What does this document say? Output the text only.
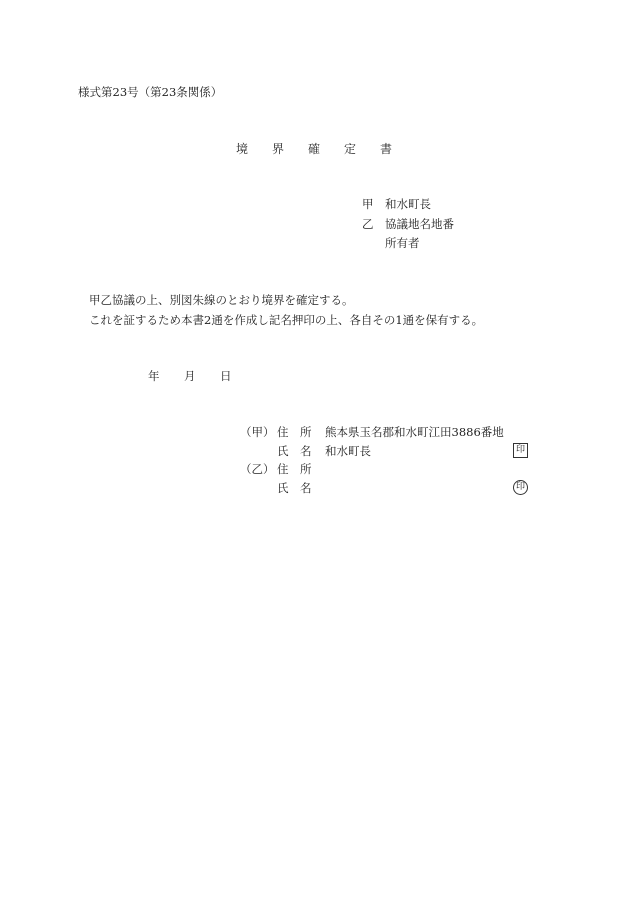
様式第23号（第23条関係）
境 界 確 定 書
甲 和水町長
乙 協議地名地番
所有者
甲乙協議の上、別図朱線のとおり境界を確定する。
これを証するため本書2通を作成し記名押印の上、各自その1通を保有する。
年 月 日
（甲） 住　所 熊本県玉名郡和水町江田3886番地
氏　名 和水町長	印
（乙） 住　所
氏　名	印
